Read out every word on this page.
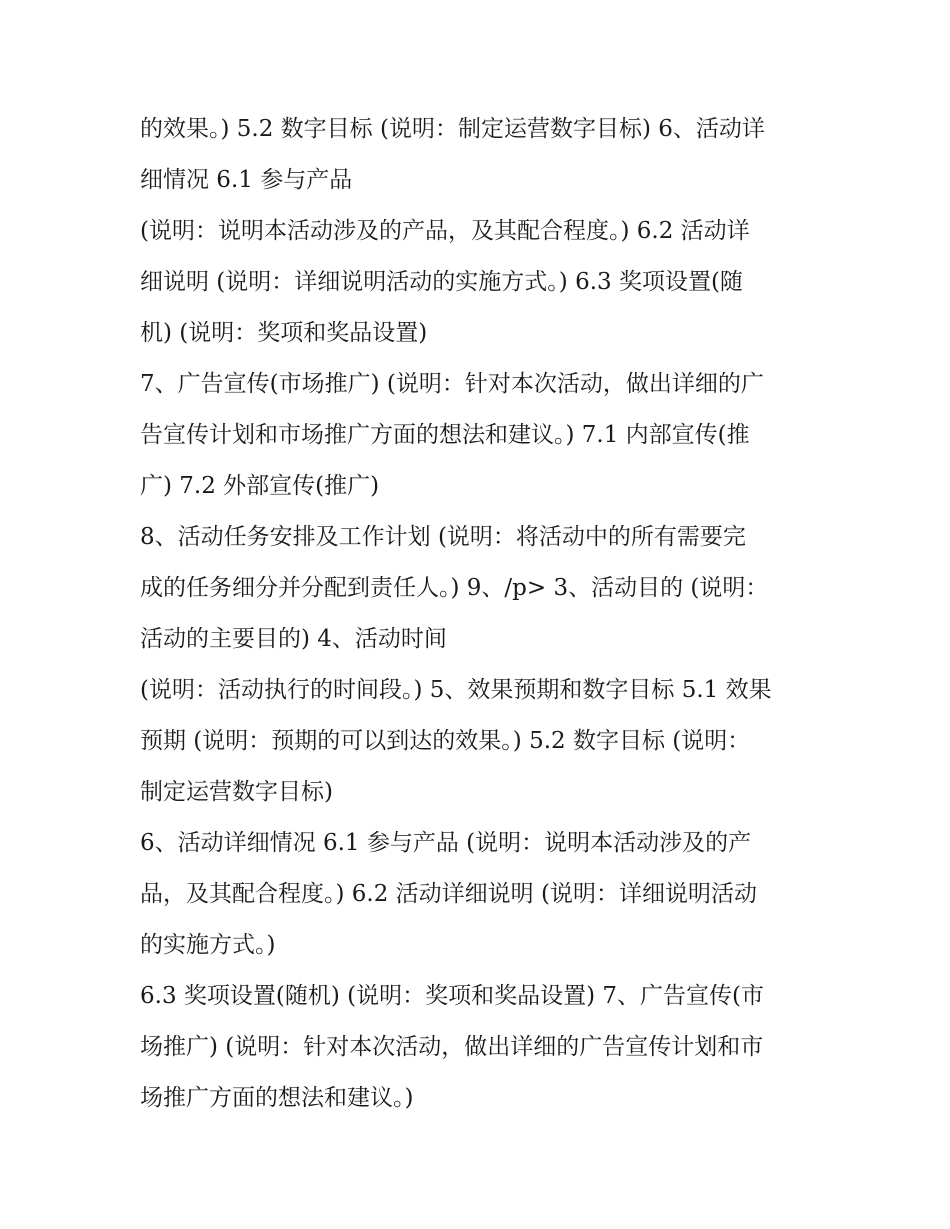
的效果。) 5.2 数字目标 (说明：制定运营数字目标) 6、活动详
细情况 6.1 参与产品

(说明：说明本活动涉及的产品，及其配合程度。) 6.2 活动详
细说明 (说明：详细说明活动的实施方式。) 6.3 奖项设置(随
机) (说明：奖项和奖品设置)

7、广告宣传(市场推广) (说明：针对本次活动，做出详细的广
告宣传计划和市场推广方面的想法和建议。) 7.1 内部宣传(推
广) 7.2 外部宣传(推广)

8、活动任务安排及工作计划 (说明：将活动中的所有需要完
成的任务细分并分配到责任人。) 9、/p> 3、活动目的 (说明：
活动的主要目的) 4、活动时间

(说明：活动执行的时间段。) 5、效果预期和数字目标 5.1 效果
预期 (说明：预期的可以到达的效果。) 5.2 数字目标 (说明：
制定运营数字目标)

6、活动详细情况 6.1 参与产品 (说明：说明本活动涉及的产
品，及其配合程度。) 6.2 活动详细说明 (说明：详细说明活动
的实施方式。)

6.3 奖项设置(随机) (说明：奖项和奖品设置) 7、广告宣传(市
场推广) (说明：针对本次活动，做出详细的广告宣传计划和市
场推广方面的想法和建议。)
